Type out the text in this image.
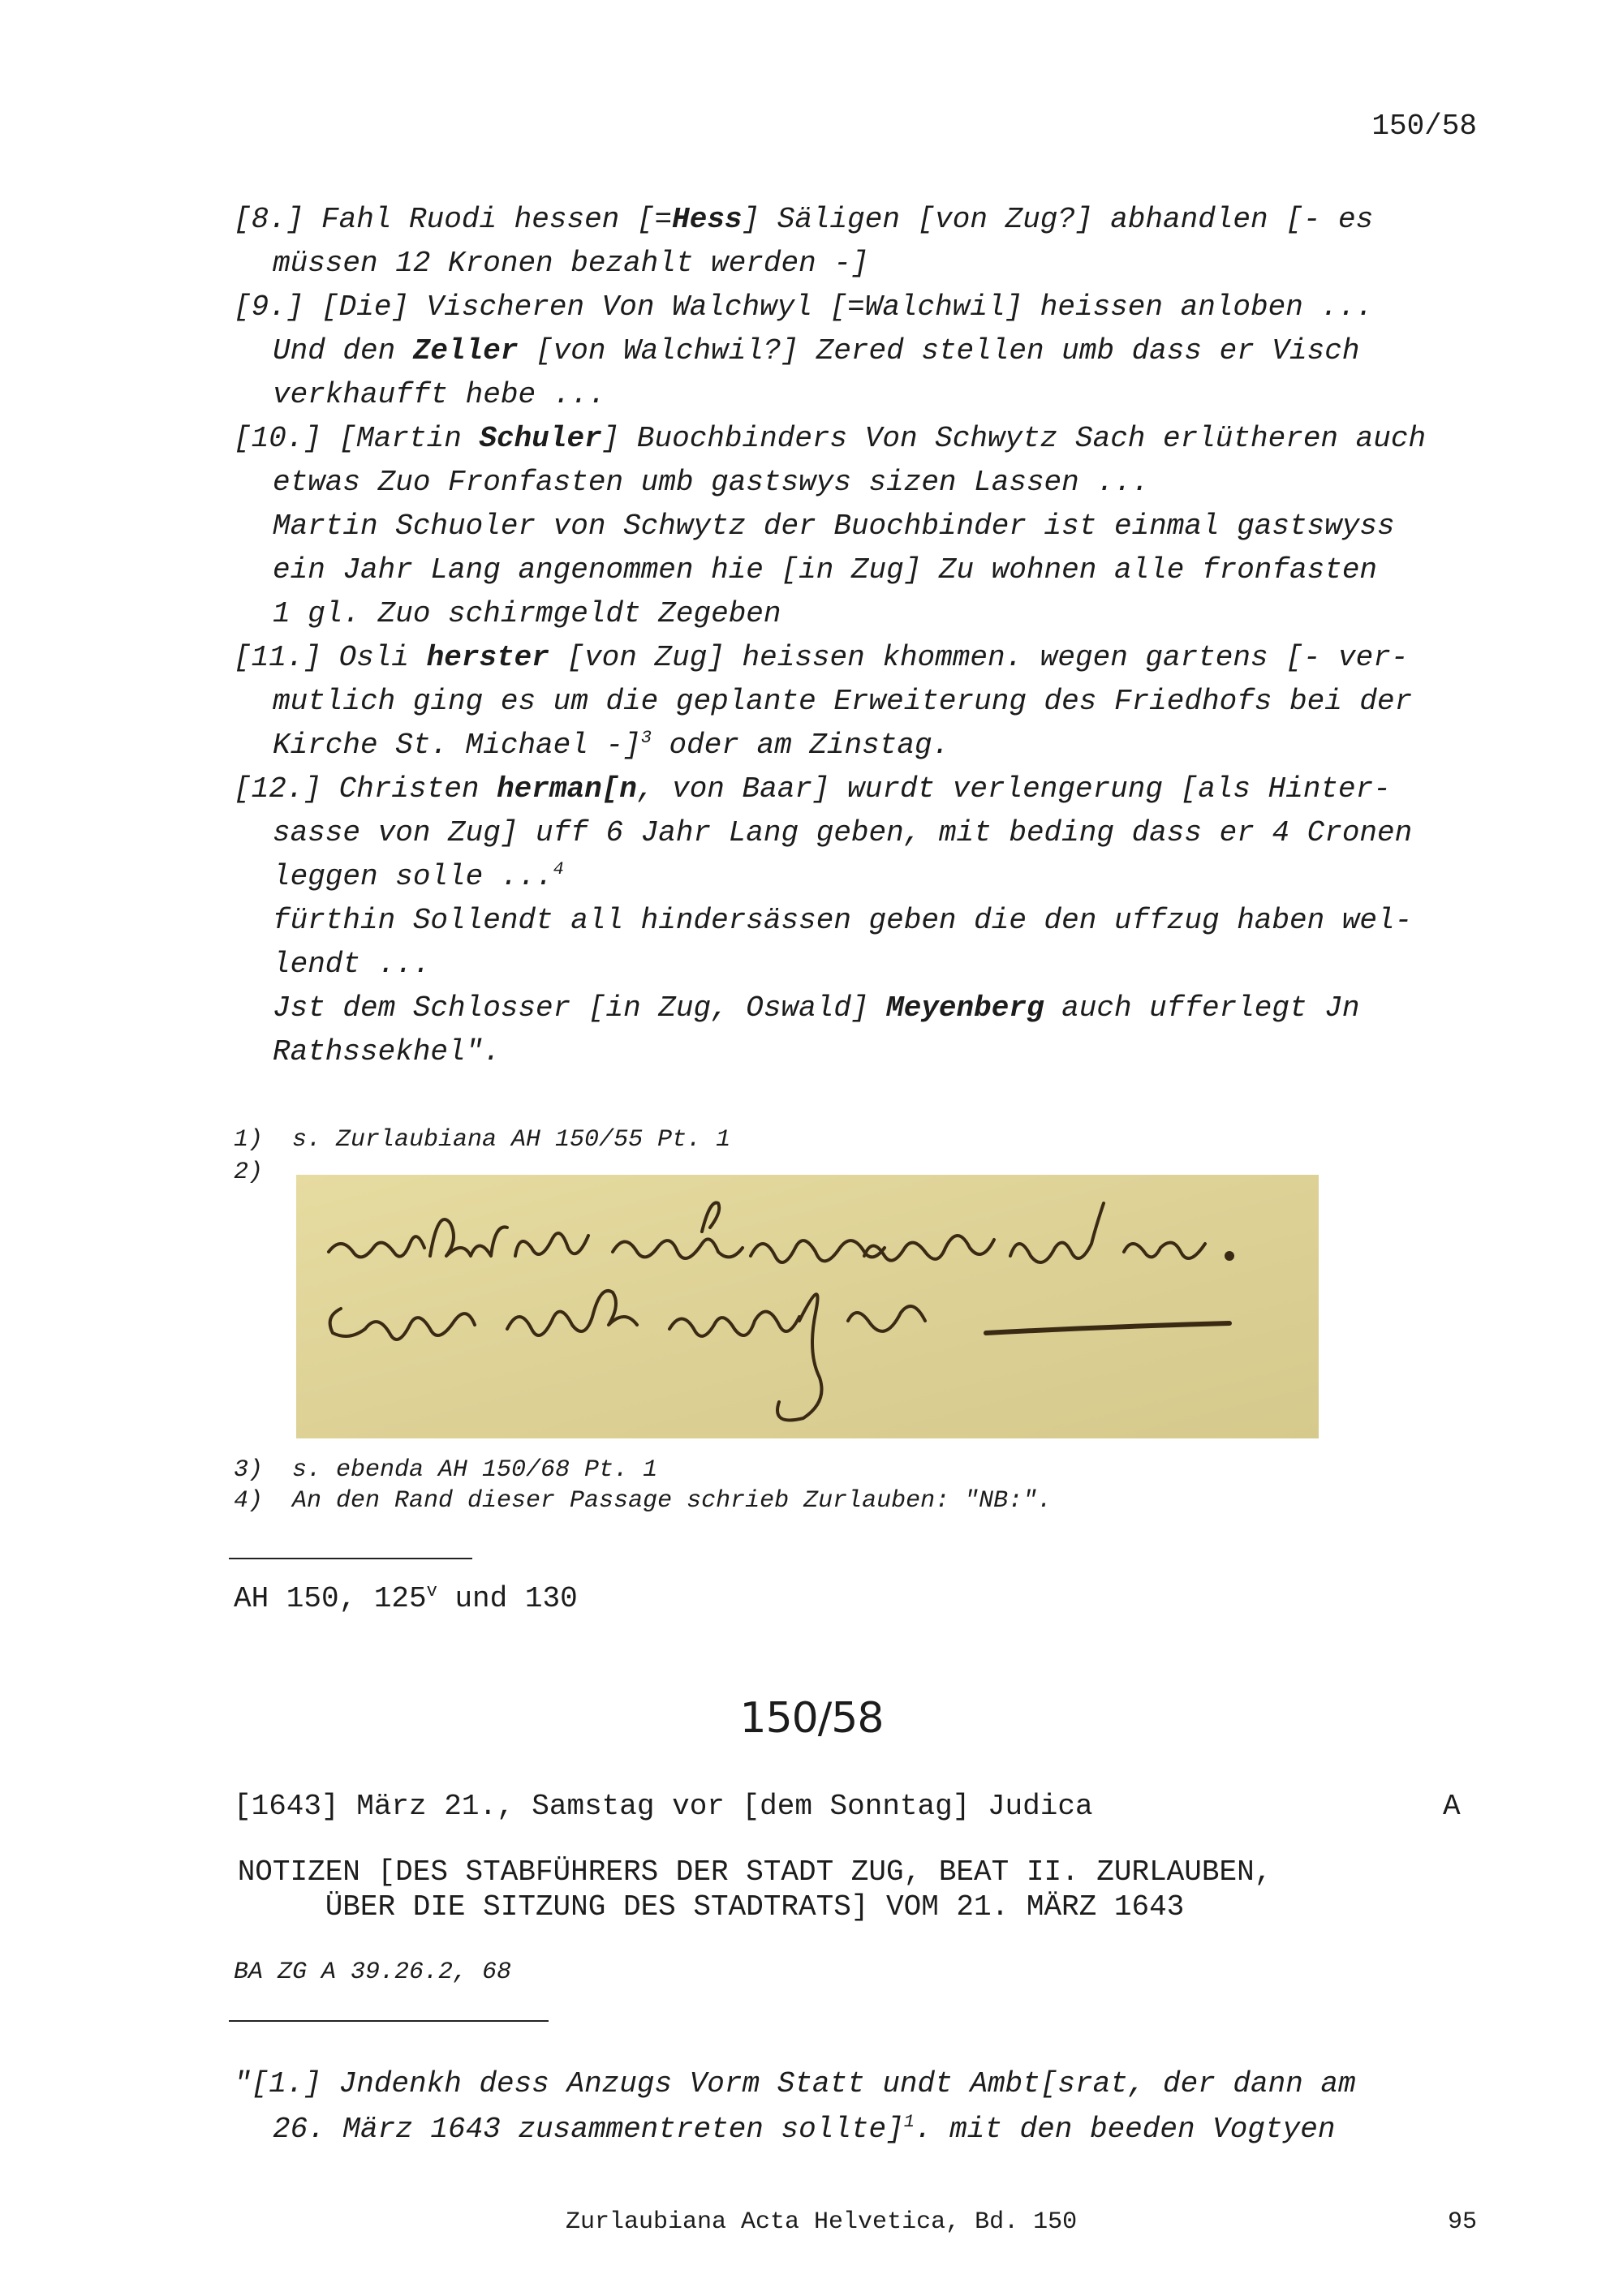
150/58
[8.] Fahl Ruodi hessen [=Hess] Säligen [von Zug?] abhandlen [- es
müssen 12 Kronen bezahlt werden -]
[9.] [Die] Vischeren Von Walchwyl [=Walchwil] heissen anloben ...
Und den Zeller [von Walchwil?] Zered stellen umb dass er Visch
verkhaufft hebe ...
[10.] [Martin Schuler] Buochbinders Von Schwytz Sach erlütheren auch
etwas Zuo Fronfasten umb gastswys sizen Lassen ...
Martin Schuoler von Schwytz der Buochbinder ist einmal gastswyss
ein Jahr Lang angenommen hie [in Zug] Zu wohnen alle fronfasten
1 gl. Zuo schirmgeldt Zegeben
[11.] Osli herster [von Zug] heissen khommen. wegen gartens [- ver-
mutlich ging es um die geplante Erweiterung des Friedhofs bei der
Kirche St. Michael -]$^3$ oder am Zinstag.
[12.] Christen herman[n, von Baar] wurdt verlengerung [als Hinter-
sasse von Zug] uff 6 Jahr Lang geben, mit beding dass er 4 Cronen
leggen solle ...$^4$
fürthin Sollendt all hindersässen geben die den uffzug haben wel-
lendt ...
Jst dem Schlosser [in Zug, Oswald] Meyenberg auch ufferlegt Jn
Rathssekhel".
1) s. Zurlaubiana AH 150/55 Pt. 1
2)
3) s. ebenda AH 150/68 Pt. 1
4) An den Rand dieser Passage schrieb Zurlauben: "NB:".
AH 150, 125$^v$ und 130
150/58
[1643] März 21., Samstag vor [dem Sonntag] Judica	A
NOTIZEN [DES STABFÜHRERS DER STADT ZUG, BEAT II. ZURLAUBEN,
ÜBER DIE SITZUNG DES STADTRATS] VOM 21. MÄRZ 1643
BA ZG A 39.26.2, 68
"[1.] Jndenkh dess Anzugs Vorm Statt undt Ambt[srat, der dann am
26. März 1643 zusammentreten sollte]$^1$. mit den beeden Vogtyen
Zurlaubiana Acta Helvetica, Bd. 150	95
